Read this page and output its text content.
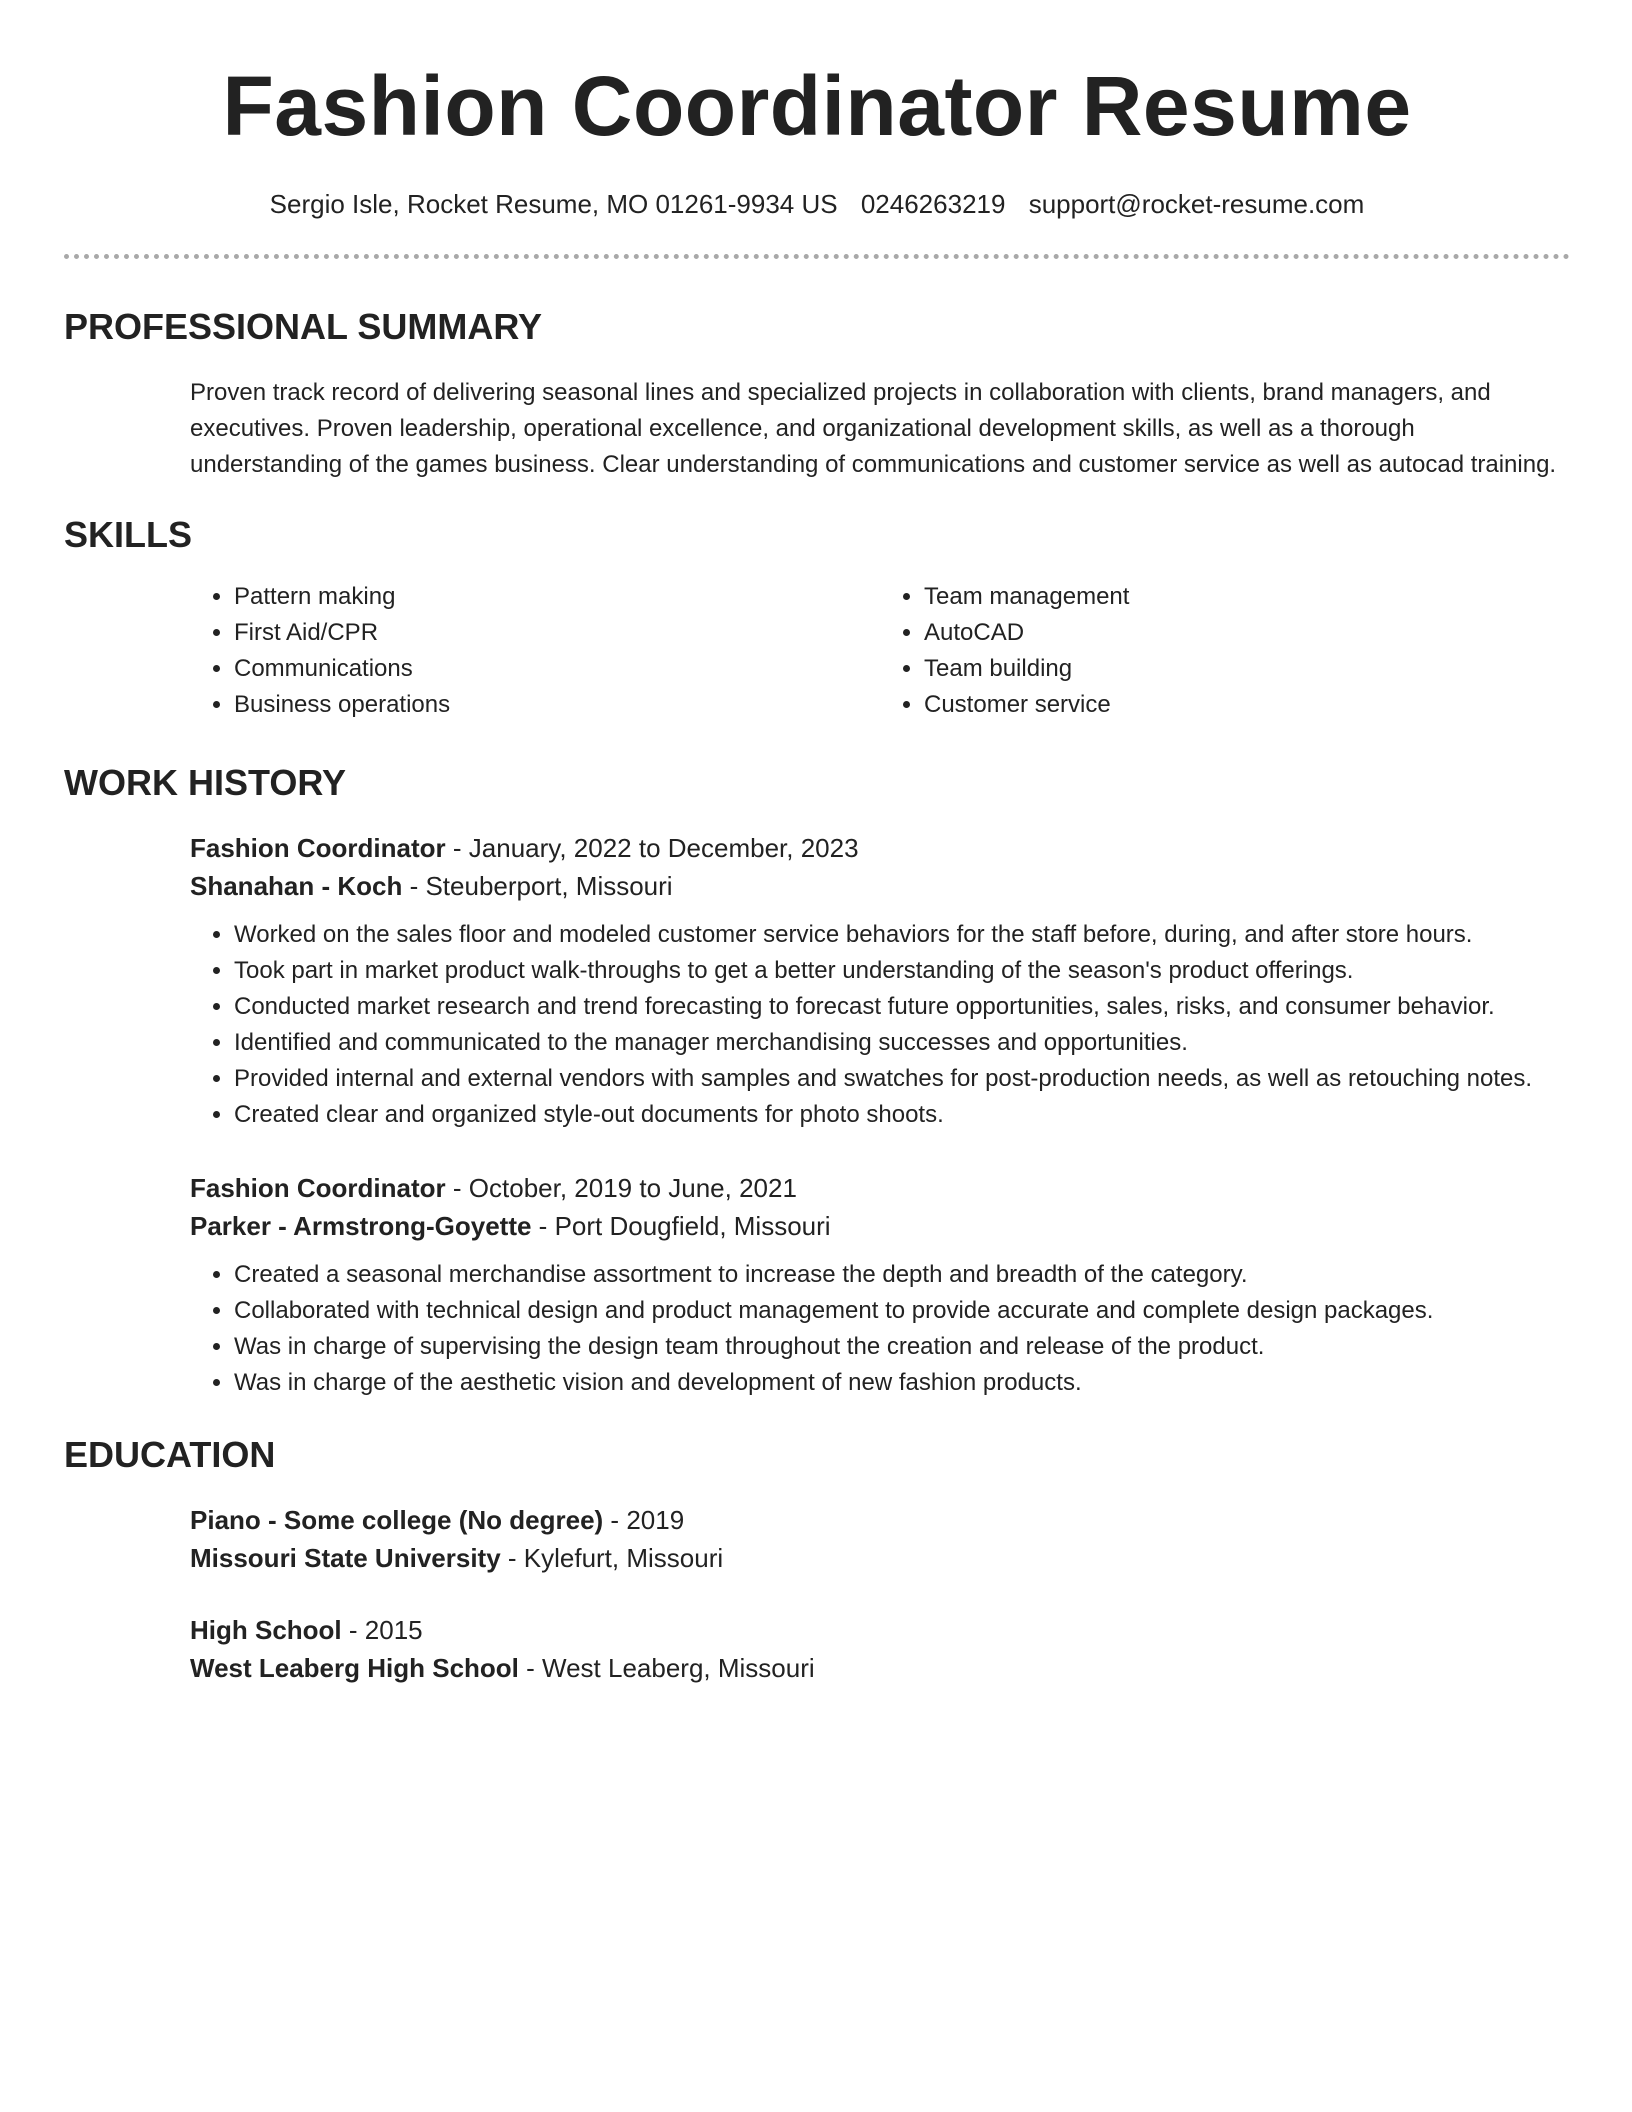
Fashion Coordinator Resume
Sergio Isle, Rocket Resume, MO 01261-9934 US 0246263219 support@rocket-resume.com
PROFESSIONAL SUMMARY

Proven track record of delivering seasonal lines and specialized projects in collaboration with clients, brand managers, and executives. Proven leadership, operational excellence, and organizational development skills, as well as a thorough understanding of the games business. Clear understanding of communications and customer service as well as autocad training.

SKILLS
• Pattern making
• First Aid/CPR
• Communications
• Business operations
• Team management
• AutoCAD
• Team building
• Customer service
WORK HISTORY
Fashion Coordinator - January, 2022 to December, 2023
Shanahan - Koch - Steuberport, Missouri
• Worked on the sales floor and modeled customer service behaviors for the staff before, during, and after store hours.
• Took part in market product walk-throughs to get a better understanding of the season's product offerings.
• Conducted market research and trend forecasting to forecast future opportunities, sales, risks, and consumer behavior.
• Identified and communicated to the manager merchandising successes and opportunities.
• Provided internal and external vendors with samples and swatches for post-production needs, as well as retouching notes.
• Created clear and organized style-out documents for photo shoots.
Fashion Coordinator - October, 2019 to June, 2021
Parker - Armstrong-Goyette - Port Dougfield, Missouri
• Created a seasonal merchandise assortment to increase the depth and breadth of the category.
• Collaborated with technical design and product management to provide accurate and complete design packages.
• Was in charge of supervising the design team throughout the creation and release of the product.
• Was in charge of the aesthetic vision and development of new fashion products.
EDUCATION
Piano - Some college (No degree) - 2019
Missouri State University - Kylefurt, Missouri
High School - 2015
West Leaberg High School - West Leaberg, Missouri
